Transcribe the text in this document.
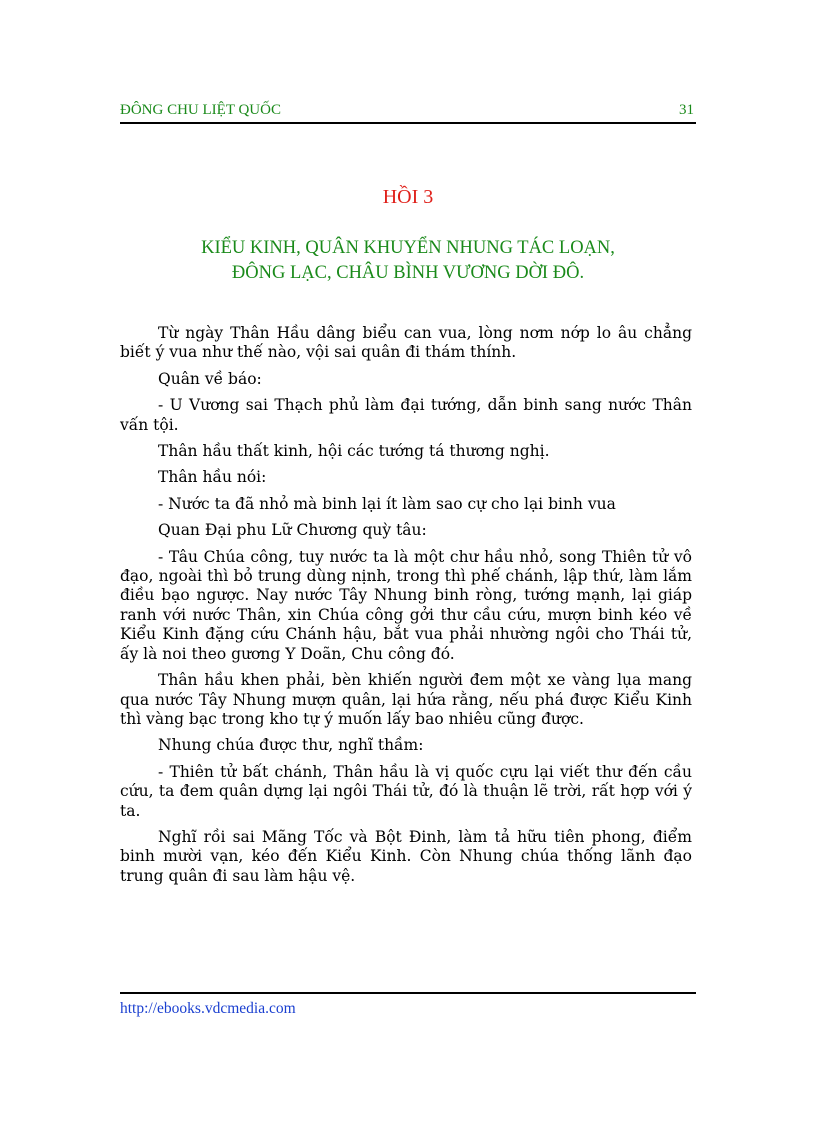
ĐÔNG CHU LIỆT QUỐC	31
HỒI 3
KIỂU KINH, QUÂN KHUYỂN NHUNG TÁC LOẠN,
ĐÔNG LẠC, CHÂU BÌNH VƯƠNG DỜI ĐÔ.

Từ ngày Thân Hầu dâng biểu can vua, lòng nơm nớp lo âu chẳng biết ý vua như thế nào, vội sai quân đi thám thính.

Quân về báo:

- U Vương sai Thạch phủ làm đại tướng, dẫn binh sang nước Thân vấn tội.

Thân hầu thất kinh, hội các tướng tá thương nghị.

Thân hầu nói:

- Nước ta đã nhỏ mà binh lại ít làm sao cự cho lại binh vua

Quan Đại phu Lữ Chương quỳ tâu:

- Tâu Chúa công, tuy nước ta là một chư hầu nhỏ, song Thiên tử vô đạo, ngoài thì bỏ trung dùng nịnh, trong thì phế chánh, lập thứ, làm lắm điều bạo ngược. Nay nước Tây Nhung binh ròng, tướng mạnh, lại giáp ranh với nước Thân, xin Chúa công gởi thư cầu cứu, mượn binh kéo về Kiểu Kinh đặng cứu Chánh hậu, bắt vua phải nhường ngôi cho Thái tử, ấy là noi theo gương Y Doãn, Chu công đó.

Thân hầu khen phải, bèn khiến người đem một xe vàng lụa mang qua nước Tây Nhung mượn quân, lại hứa rằng, nếu phá được Kiểu Kinh thì vàng bạc trong kho tự ý muốn lấy bao nhiêu cũng được.

Nhung chúa được thư, nghĩ thầm:

- Thiên tử bất chánh, Thân hầu là vị quốc cựu lại viết thư đến cầu cứu, ta đem quân dựng lại ngôi Thái tử, đó là thuận lẽ trời, rất hợp với ý ta.

Nghĩ rồi sai Mãng Tốc và Bột Đinh, làm tả hữu tiên phong, điểm binh mười vạn, kéo đến Kiểu Kinh. Còn Nhung chúa thống lãnh đạo trung quân đi sau làm hậu vệ.

http://ebooks.vdcmedia.com
